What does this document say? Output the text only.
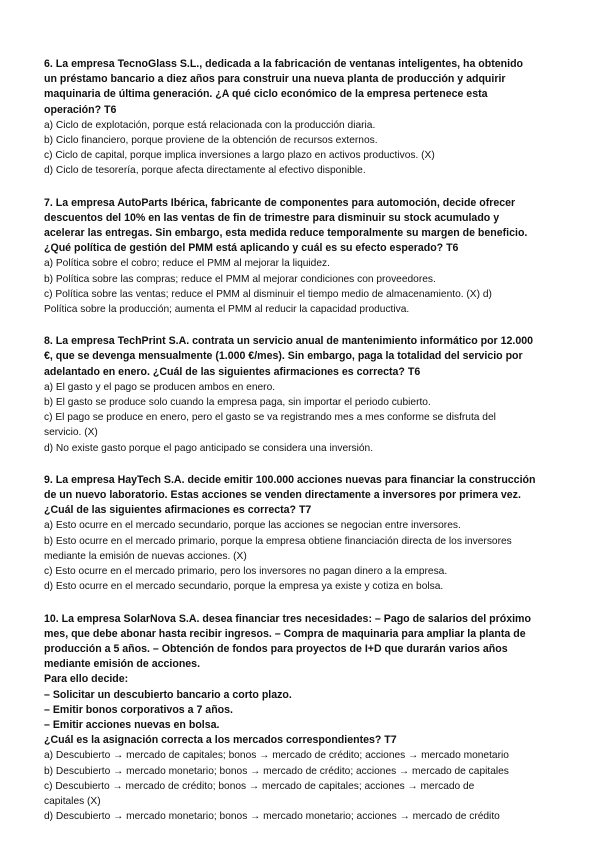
6. La empresa TecnoGlass S.L., dedicada a la fabricación de ventanas inteligentes, ha obtenido
un préstamo bancario a diez años para construir una nueva planta de producción y adquirir
maquinaria de última generación. ¿A qué ciclo económico de la empresa pertenece esta
operación? T6

a) Ciclo de explotación, porque está relacionada con la producción diaria.

b) Ciclo financiero, porque proviene de la obtención de recursos externos.

c) Ciclo de capital, porque implica inversiones a largo plazo en activos productivos. (X)

d) Ciclo de tesorería, porque afecta directamente al efectivo disponible.

7. La empresa AutoParts Ibérica, fabricante de componentes para automoción, decide ofrecer
descuentos del 10% en las ventas de fin de trimestre para disminuir su stock acumulado y
acelerar las entregas. Sin embargo, esta medida reduce temporalmente su margen de beneficio.
¿Qué política de gestión del PMM está aplicando y cuál es su efecto esperado? T6

a) Política sobre el cobro; reduce el PMM al mejorar la liquidez.

b) Política sobre las compras; reduce el PMM al mejorar condiciones con proveedores.

c) Política sobre las ventas; reduce el PMM al disminuir el tiempo medio de almacenamiento. (X) d)
Política sobre la producción; aumenta el PMM al reducir la capacidad productiva.

8. La empresa TechPrint S.A. contrata un servicio anual de mantenimiento informático por 12.000
€, que se devenga mensualmente (1.000 €/mes). Sin embargo, paga la totalidad del servicio por
adelantado en enero. ¿Cuál de las siguientes afirmaciones es correcta? T6

a) El gasto y el pago se producen ambos en enero.

b) El gasto se produce solo cuando la empresa paga, sin importar el periodo cubierto.

c) El pago se produce en enero, pero el gasto se va registrando mes a mes conforme se disfruta del
servicio. (X)

d) No existe gasto porque el pago anticipado se considera una inversión.

9. La empresa HayTech S.A. decide emitir 100.000 acciones nuevas para financiar la construcción
de un nuevo laboratorio. Estas acciones se venden directamente a inversores por primera vez.
¿Cuál de las siguientes afirmaciones es correcta? T7

a) Esto ocurre en el mercado secundario, porque las acciones se negocian entre inversores.

b) Esto ocurre en el mercado primario, porque la empresa obtiene financiación directa de los inversores
mediante la emisión de nuevas acciones. (X)

c) Esto ocurre en el mercado primario, pero los inversores no pagan dinero a la empresa.

d) Esto ocurre en el mercado secundario, porque la empresa ya existe y cotiza en bolsa.

10. La empresa SolarNova S.A. desea financiar tres necesidades: – Pago de salarios del próximo
mes, que debe abonar hasta recibir ingresos. – Compra de maquinaria para ampliar la planta de
producción a 5 años. – Obtención de fondos para proyectos de I+D que durarán varios años
mediante emisión de acciones.
Para ello decide:
– Solicitar un descubierto bancario a corto plazo.
– Emitir bonos corporativos a 7 años.
– Emitir acciones nuevas en bolsa.
¿Cuál es la asignación correcta a los mercados correspondientes? T7

a) Descubierto → mercado de capitales; bonos → mercado de crédito; acciones → mercado monetario

b) Descubierto → mercado monetario; bonos → mercado de crédito; acciones → mercado de capitales

c) Descubierto → mercado de crédito; bonos → mercado de capitales; acciones → mercado de
capitales (X)

d) Descubierto → mercado monetario; bonos → mercado monetario; acciones → mercado de crédito
